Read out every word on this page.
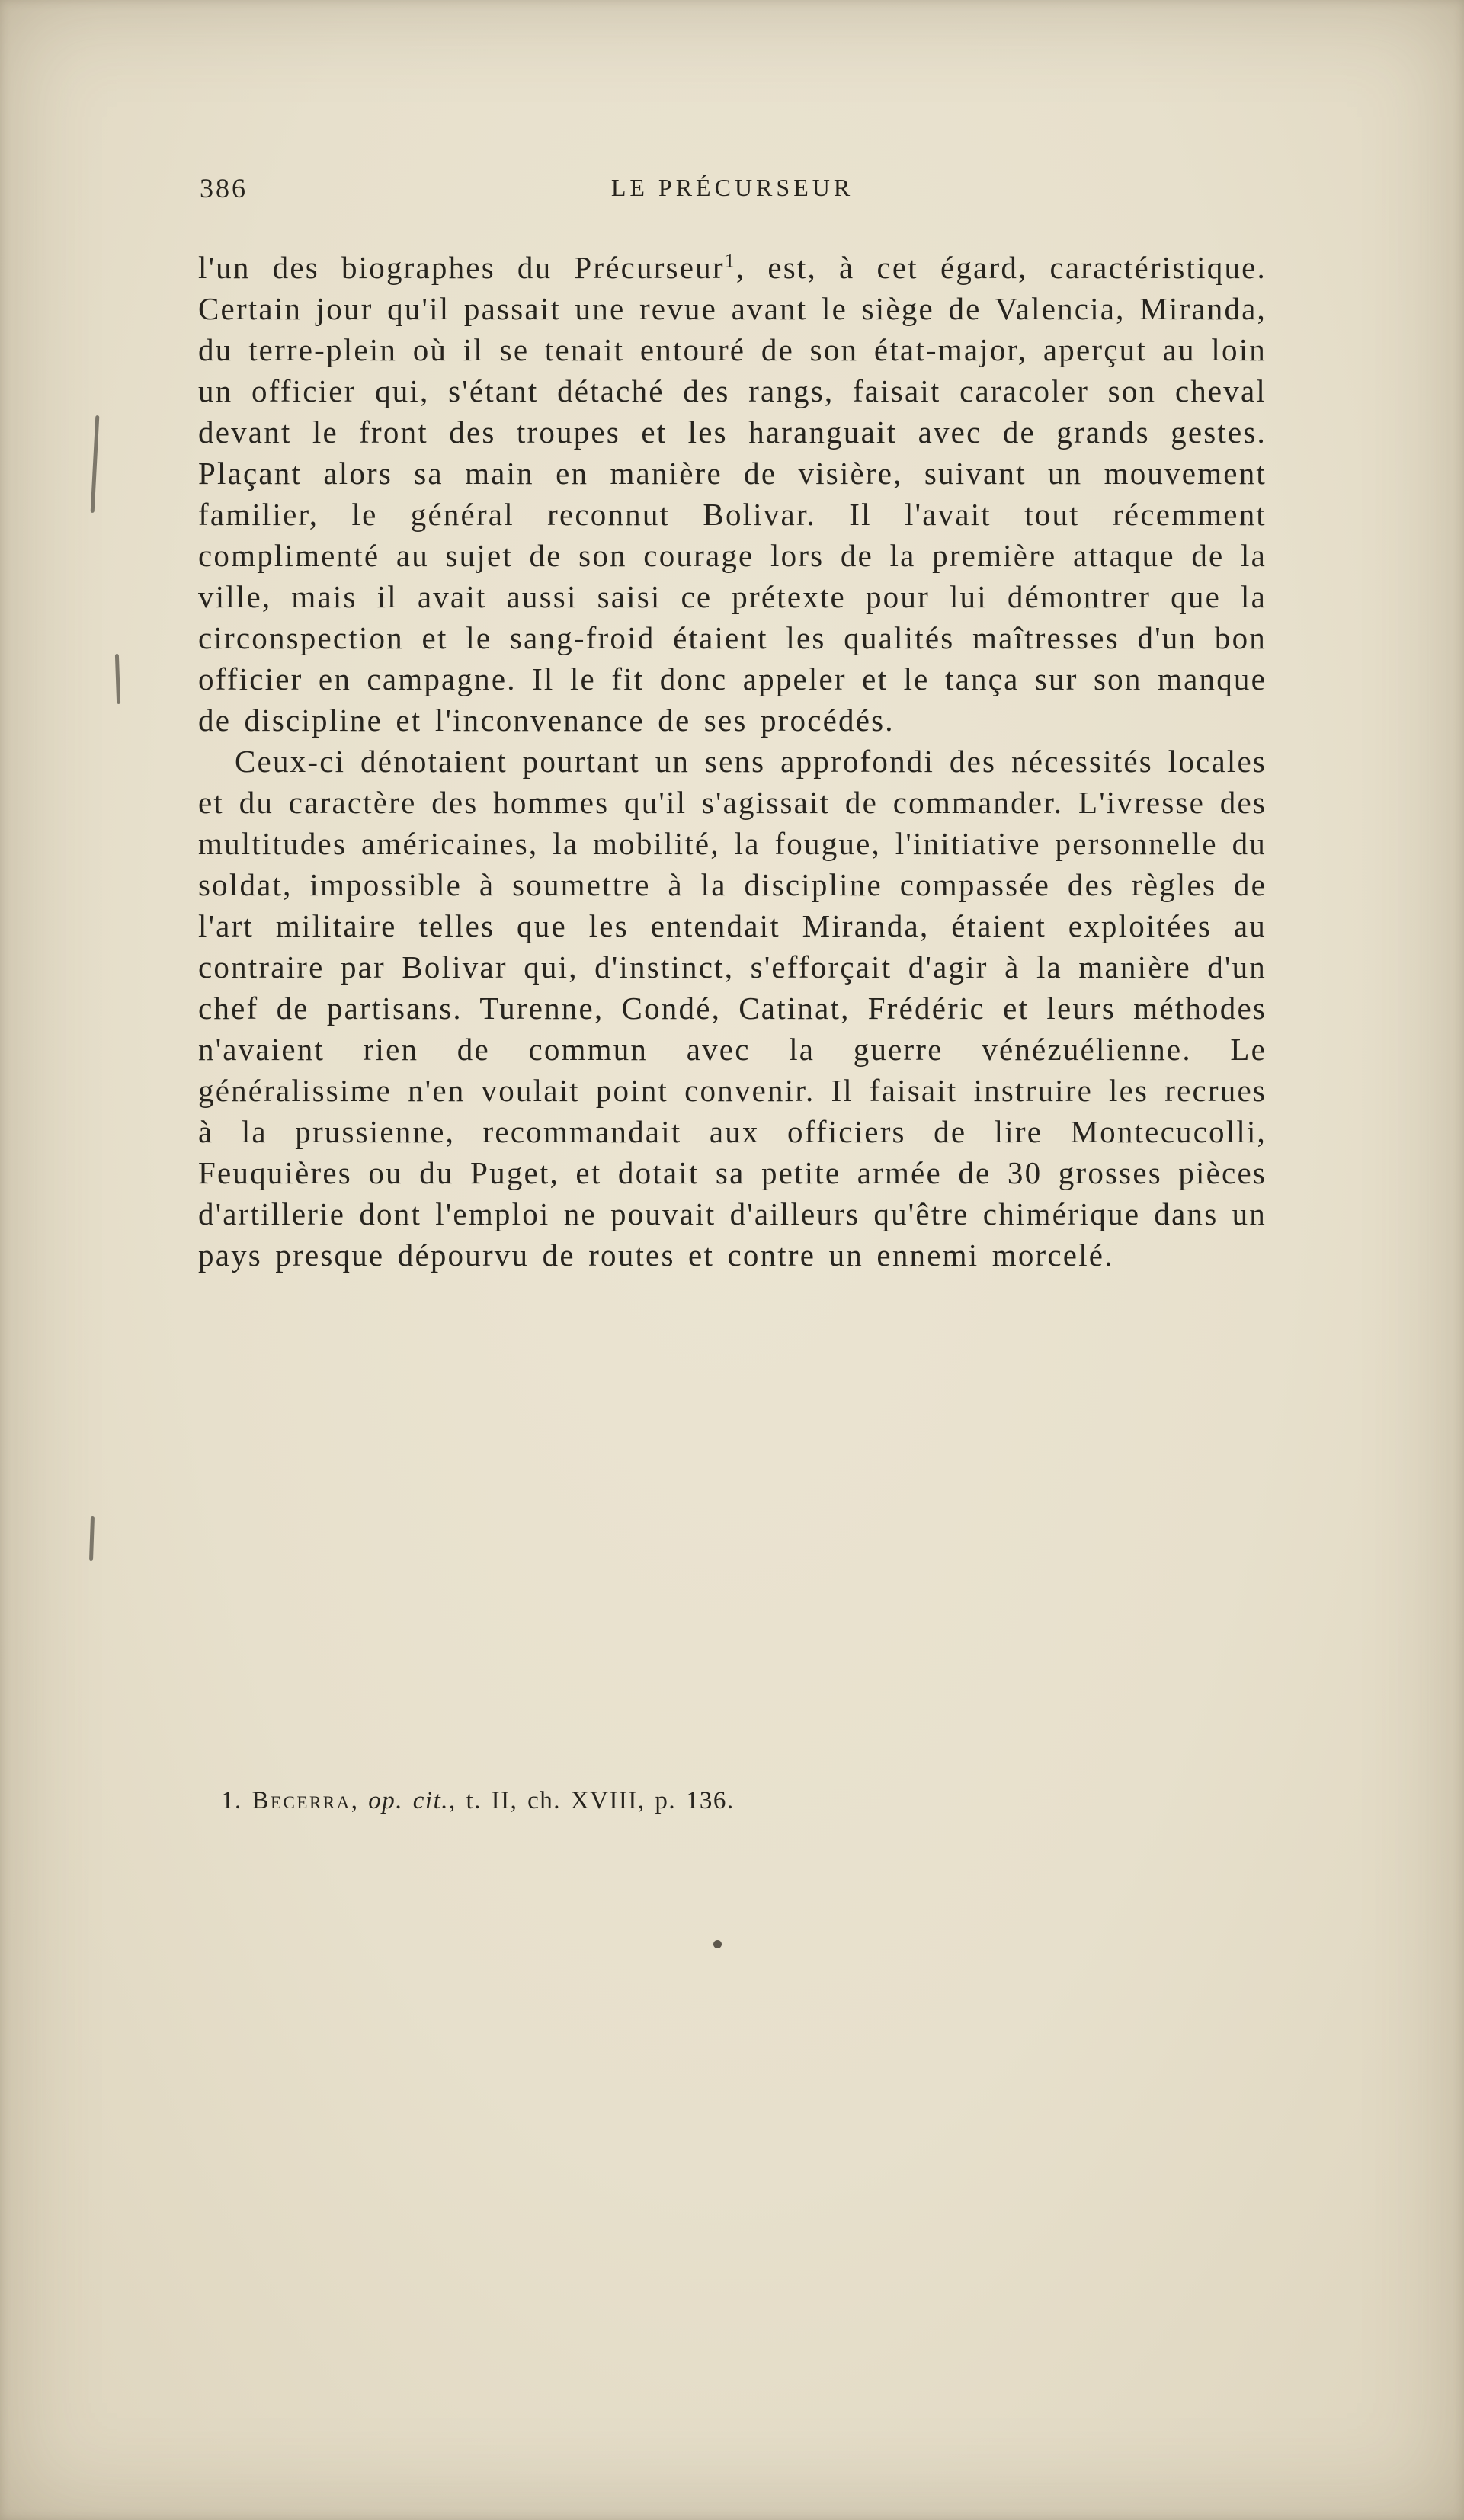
386	LE PRÉCURSEUR

l'un des biographes du Précurseur$^1$, est, à cet égard, caractéristique. Certain jour qu'il passait une revue avant le siège de Valencia, Miranda, du terre-plein où il se tenait entouré de son état-major, aperçut au loin un officier qui, s'étant détaché des rangs, faisait caracoler son cheval devant le front des troupes et les haranguait avec de grands gestes. Plaçant alors sa main en manière de visière, suivant un mouvement familier, le général reconnut Bolivar. Il l'avait tout récemment complimenté au sujet de son courage lors de la première attaque de la ville, mais il avait aussi saisi ce prétexte pour lui démontrer que la circonspection et le sang-froid étaient les qualités maîtresses d'un bon officier en campagne. Il le fit donc appeler et le tança sur son manque de discipline et l'inconvenance de ses procédés.

Ceux-ci dénotaient pourtant un sens approfondi des nécessités locales et du caractère des hommes qu'il s'agissait de commander. L'ivresse des multitudes américaines, la mobilité, la fougue, l'initiative personnelle du soldat, impossible à soumettre à la discipline compassée des règles de l'art militaire telles que les entendait Miranda, étaient exploitées au contraire par Bolivar qui, d'instinct, s'efforçait d'agir à la manière d'un chef de partisans. Turenne, Condé, Catinat, Frédéric et leurs méthodes n'avaient rien de commun avec la guerre vénézuélienne. Le généralissime n'en voulait point convenir. Il faisait instruire les recrues à la prussienne, recommandait aux officiers de lire Montecucolli, Feuquières ou du Puget, et dotait sa petite armée de 30 grosses pièces d'artillerie dont l'emploi ne pouvait d'ailleurs qu'être chimérique dans un pays presque dépourvu de routes et contre un ennemi morcelé.

1. Becerra, op. cit., t. II, ch. XVIII, p. 136.
